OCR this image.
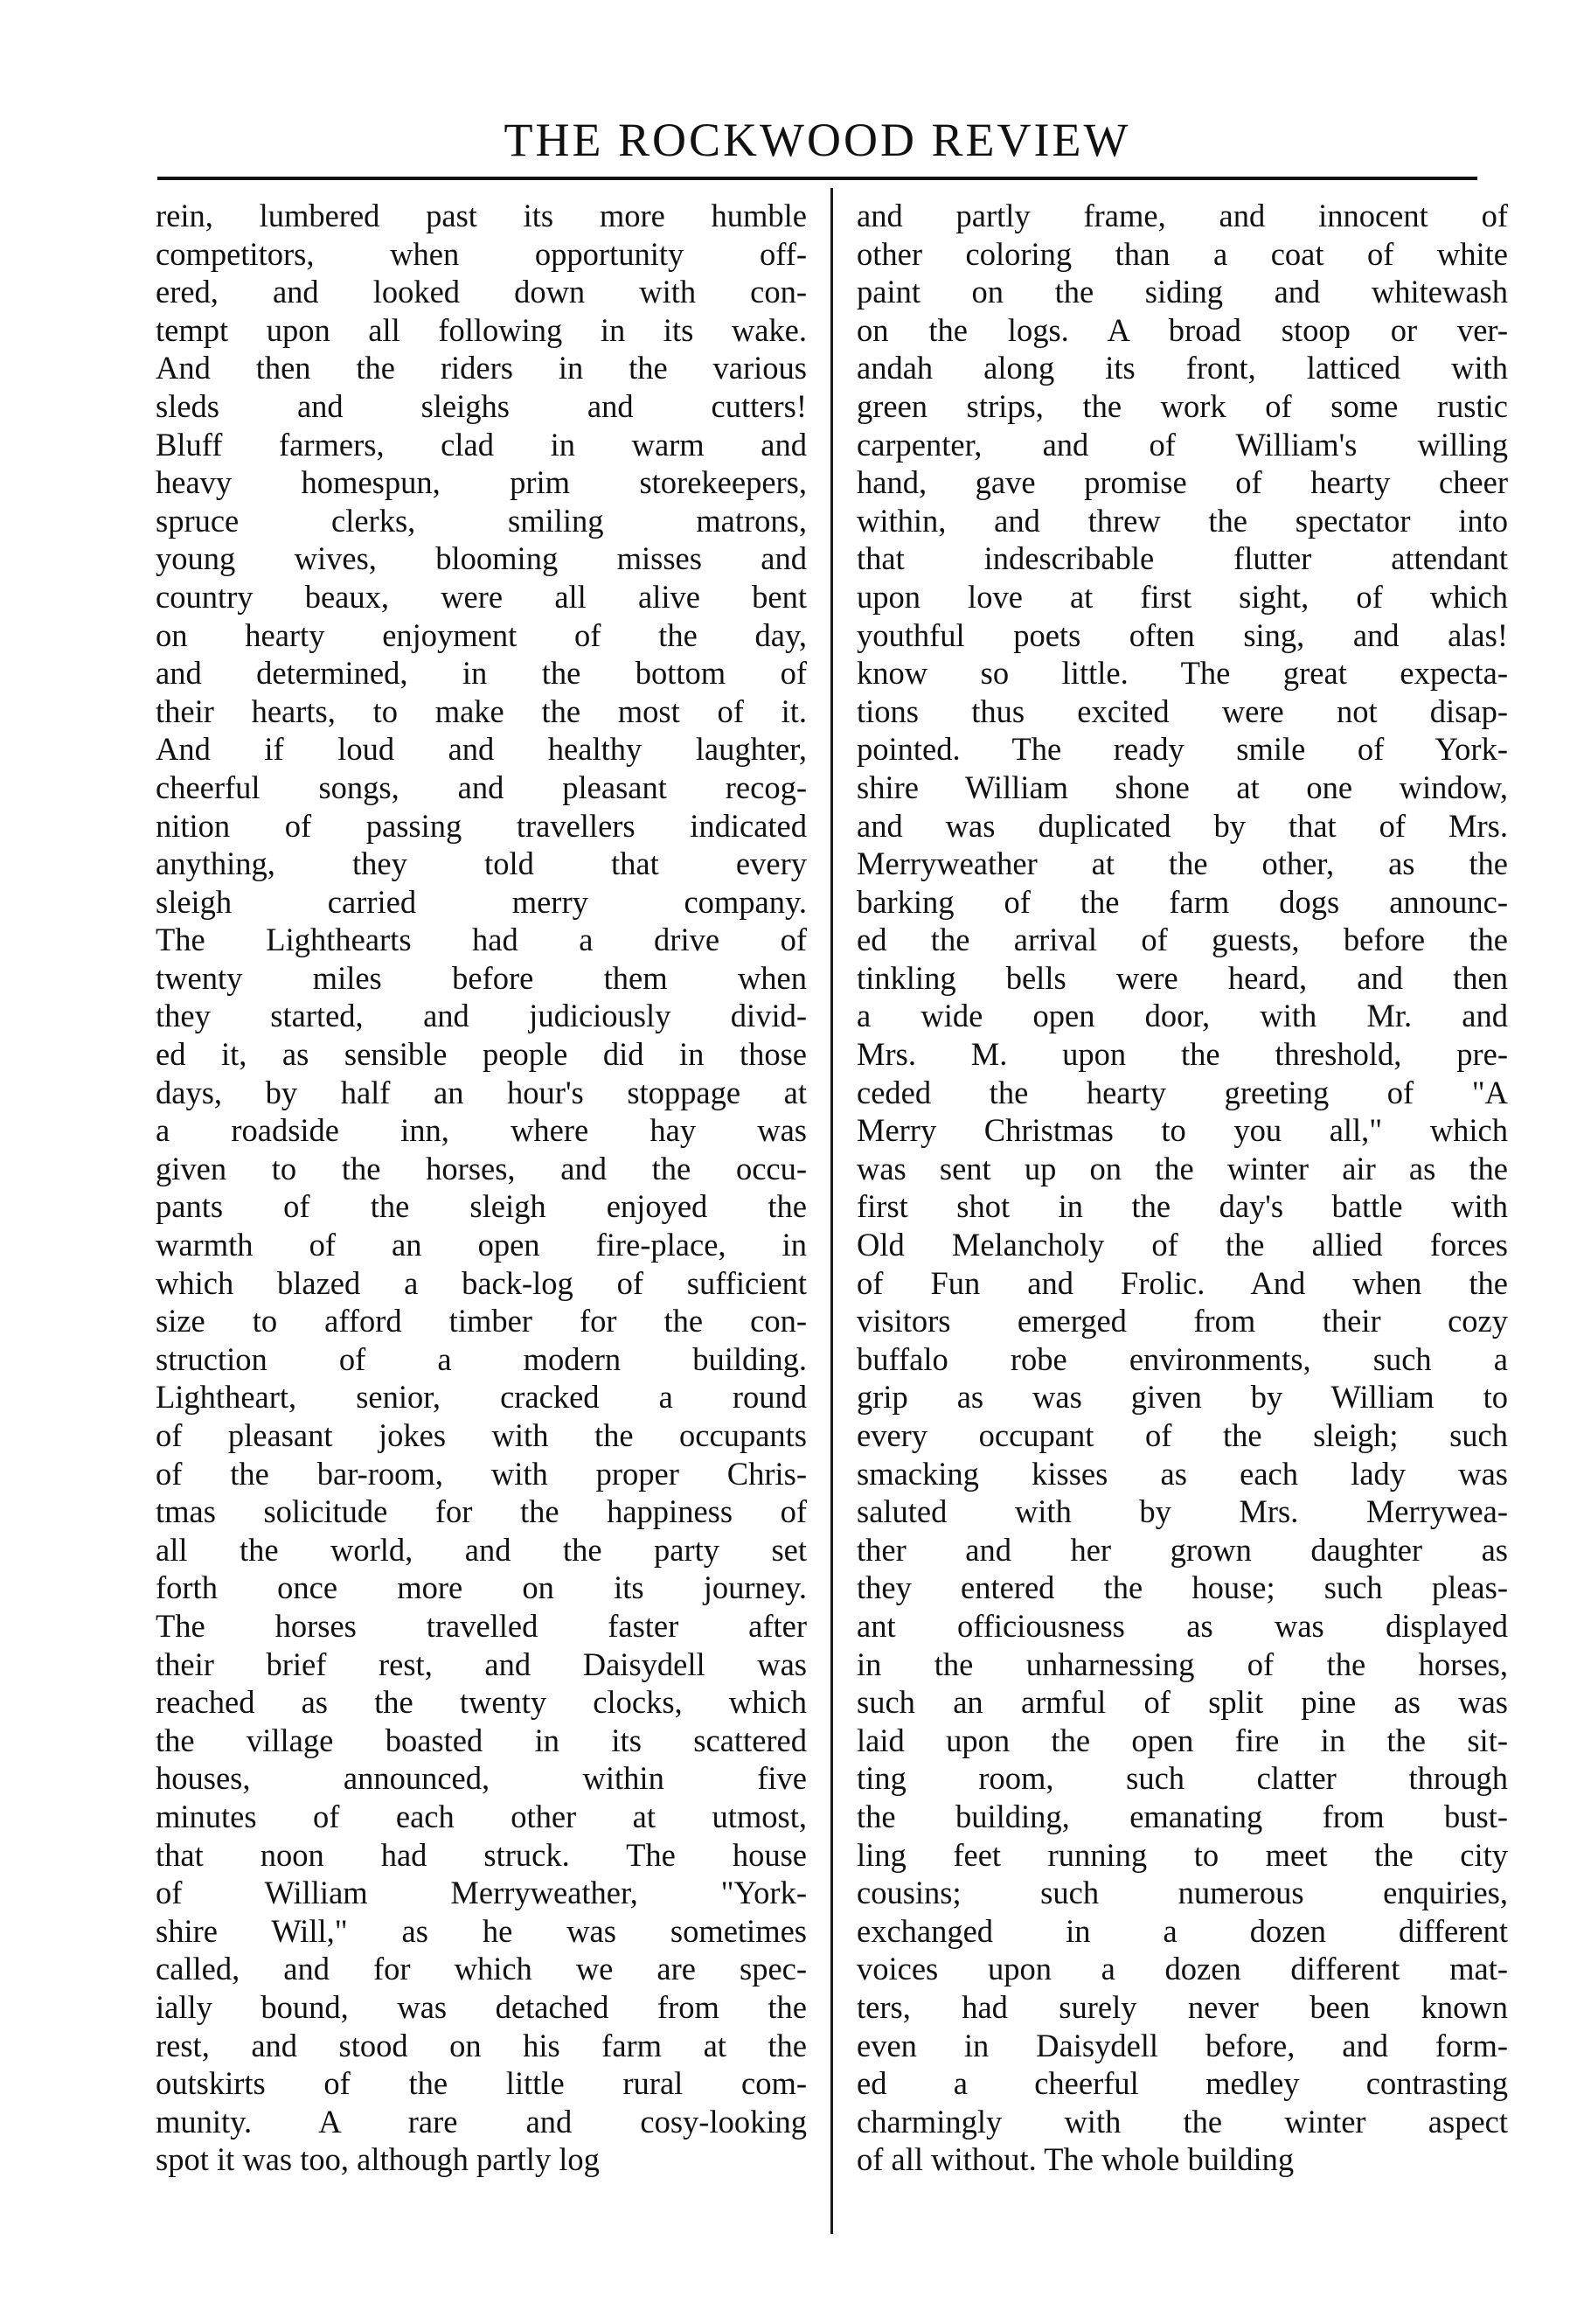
THE ROCKWOOD REVIEW
rein, lumbered past its more humble
competitors, when opportunity off-
ered, and looked down with con-
tempt upon all following in its wake.
And then the riders in the various
sleds and sleighs and cutters!
Bluff farmers, clad in warm and
heavy homespun, prim storekeepers,
spruce clerks, smiling matrons,
young wives, blooming misses and
country beaux, were all alive bent
on hearty enjoyment of the day,
and determined, in the bottom of
their hearts, to make the most of it.
And if loud and healthy laughter,
cheerful songs, and pleasant recog-
nition of passing travellers indicated
anything, they told that every
sleigh carried merry company.
The Lighthearts had a drive of
twenty miles before them when
they started, and judiciously divid-
ed it, as sensible people did in those
days, by half an hour's stoppage at
a roadside inn, where hay was
given to the horses, and the occu-
pants of the sleigh enjoyed the
warmth of an open fire-place, in
which blazed a back-log of sufficient
size to afford timber for the con-
struction of a modern building.
Lightheart, senior, cracked a round
of pleasant jokes with the occupants
of the bar-room, with proper Chris-
tmas solicitude for the happiness of
all the world, and the party set
forth once more on its journey.
The horses travelled faster after
their brief rest, and Daisydell was
reached as the twenty clocks, which
the village boasted in its scattered
houses, announced, within five
minutes of each other at utmost,
that noon had struck. The house
of William Merryweather, "York-
shire Will," as he was sometimes
called, and for which we are spec-
ially bound, was detached from the
rest, and stood on his farm at the
outskirts of the little rural com-
munity. A rare and cosy-looking
spot it was too, although partly log
and partly frame, and innocent of
other coloring than a coat of white
paint on the siding and whitewash
on the logs. A broad stoop or ver-
andah along its front, latticed with
green strips, the work of some rustic
carpenter, and of William's willing
hand, gave promise of hearty cheer
within, and threw the spectator into
that indescribable flutter attendant
upon love at first sight, of which
youthful poets often sing, and alas!
know so little. The great expecta-
tions thus excited were not disap-
pointed. The ready smile of York-
shire William shone at one window,
and was duplicated by that of Mrs.
Merryweather at the other, as the
barking of the farm dogs announc-
ed the arrival of guests, before the
tinkling bells were heard, and then
a wide open door, with Mr. and
Mrs. M. upon the threshold, pre-
ceded the hearty greeting of "A
Merry Christmas to you all," which
was sent up on the winter air as the
first shot in the day's battle with
Old Melancholy of the allied forces
of Fun and Frolic. And when the
visitors emerged from their cozy
buffalo robe environments, such a
grip as was given by William to
every occupant of the sleigh; such
smacking kisses as each lady was
saluted with by Mrs. Merrywea-
ther and her grown daughter as
they entered the house; such pleas-
ant officiousness as was displayed
in the unharnessing of the horses,
such an armful of split pine as was
laid upon the open fire in the sit-
ting room, such clatter through
the building, emanating from bust-
ling feet running to meet the city
cousins; such numerous enquiries,
exchanged in a dozen different
voices upon a dozen different mat-
ters, had surely never been known
even in Daisydell before, and form-
ed a cheerful medley contrasting
charmingly with the winter aspect
of all without. The whole building
